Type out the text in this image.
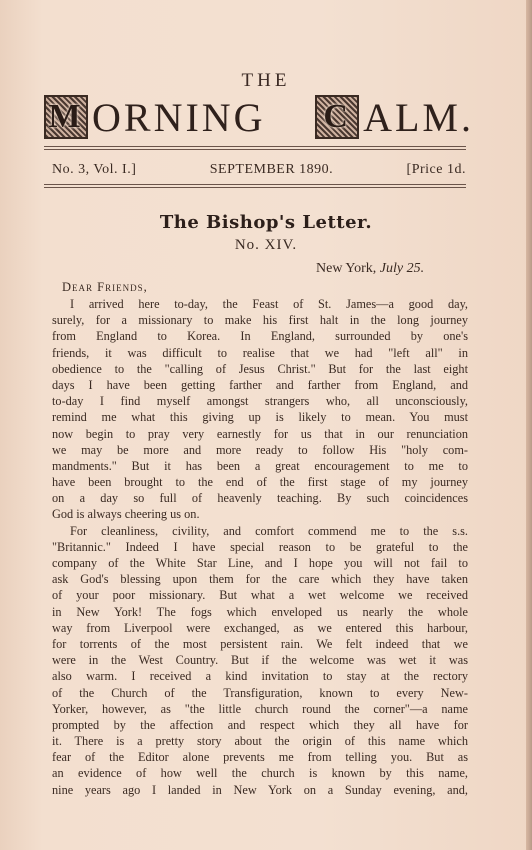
THE
M ORNING C ALM.
No. 3, Vol. I.]	SEPTEMBER 1890.	[Price 1d.
The Bishop's Letter.
No. XIV.
New York, July 25.
Dear Friends,
I arrived here to-day, the Feast of St. James—a good day,
surely, for a missionary to make his first halt in the long journey
from England to Korea. In England, surrounded by one's
friends, it was difficult to realise that we had "left all" in
obedience to the "calling of Jesus Christ." But for the last eight
days I have been getting farther and farther from England, and
to-day I find myself amongst strangers who, all unconsciously,
remind me what this giving up is likely to mean. You must
now begin to pray very earnestly for us that in our renunciation
we may be more and more ready to follow His "holy com-
mandments." But it has been a great encouragement to me to
have been brought to the end of the first stage of my journey
on a day so full of heavenly teaching. By such coincidences
God is always cheering us on.
For cleanliness, civility, and comfort commend me to the s.s.
"Britannic." Indeed I have special reason to be grateful to the
company of the White Star Line, and I hope you will not fail to
ask God's blessing upon them for the care which they have taken
of your poor missionary. But what a wet welcome we received
in New York! The fogs which enveloped us nearly the whole
way from Liverpool were exchanged, as we entered this harbour,
for torrents of the most persistent rain. We felt indeed that we
were in the West Country. But if the welcome was wet it was
also warm. I received a kind invitation to stay at the rectory
of the Church of the Transfiguration, known to every New-
Yorker, however, as "the little church round the corner"—a name
prompted by the affection and respect which they all have for
it. There is a pretty story about the origin of this name which
fear of the Editor alone prevents me from telling you. But as
an evidence of how well the church is known by this name,
nine years ago I landed in New York on a Sunday evening, and,
